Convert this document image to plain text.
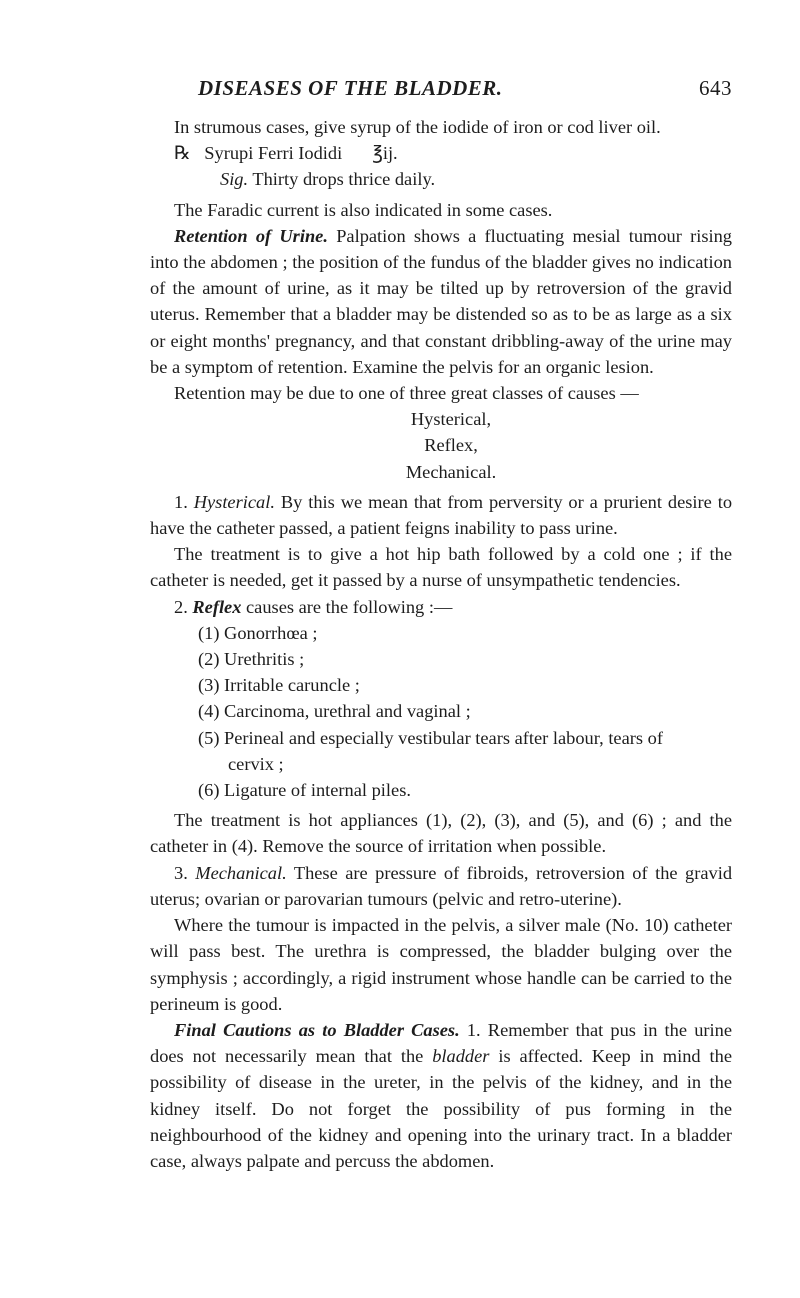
DISEASES OF THE BLADDER.	643

In strumous cases, give syrup of the iodide of iron or cod liver oil.

℞ Syrupi Ferri Iodidi ℥ij.

Sig. Thirty drops thrice daily.

The Faradic current is also indicated in some cases.

Retention of Urine. Palpation shows a fluctuating mesial tumour rising into the abdomen ; the position of the fundus of the bladder gives no indication of the amount of urine, as it may be tilted up by retroversion of the gravid uterus. Remember that a bladder may be distended so as to be as large as a six or eight months' pregnancy, and that constant dribbling-away of the urine may be a symptom of retention. Examine the pelvis for an organic lesion.

Retention may be due to one of three great classes of causes —

Hysterical,

Reflex,

Mechanical.

1. Hysterical. By this we mean that from perversity or a prurient desire to have the catheter passed, a patient feigns inability to pass urine.

The treatment is to give a hot hip bath followed by a cold one ; if the catheter is needed, get it passed by a nurse of unsympathetic tendencies.

2. Reflex causes are the following :—

(1) Gonorrhœa ;

(2) Urethritis ;

(3) Irritable caruncle ;

(4) Carcinoma, urethral and vaginal ;

(5) Perineal and especially vestibular tears after labour, tears of

cervix ;

(6) Ligature of internal piles.

The treatment is hot appliances (1), (2), (3), and (5), and (6) ; and the catheter in (4). Remove the source of irritation when possible.

3. Mechanical. These are pressure of fibroids, retroversion of the gravid uterus; ovarian or parovarian tumours (pelvic and retro-uterine).

Where the tumour is impacted in the pelvis, a silver male (No. 10) catheter will pass best. The urethra is compressed, the bladder bulging over the symphysis ; accordingly, a rigid instrument whose handle can be carried to the perineum is good.

Final Cautions as to Bladder Cases. 1. Remember that pus in the urine does not necessarily mean that the bladder is affected. Keep in mind the possibility of disease in the ureter, in the pelvis of the kidney, and in the kidney itself. Do not forget the possibility of pus forming in the neighbourhood of the kidney and opening into the urinary tract. In a bladder case, always palpate and percuss the abdomen.
